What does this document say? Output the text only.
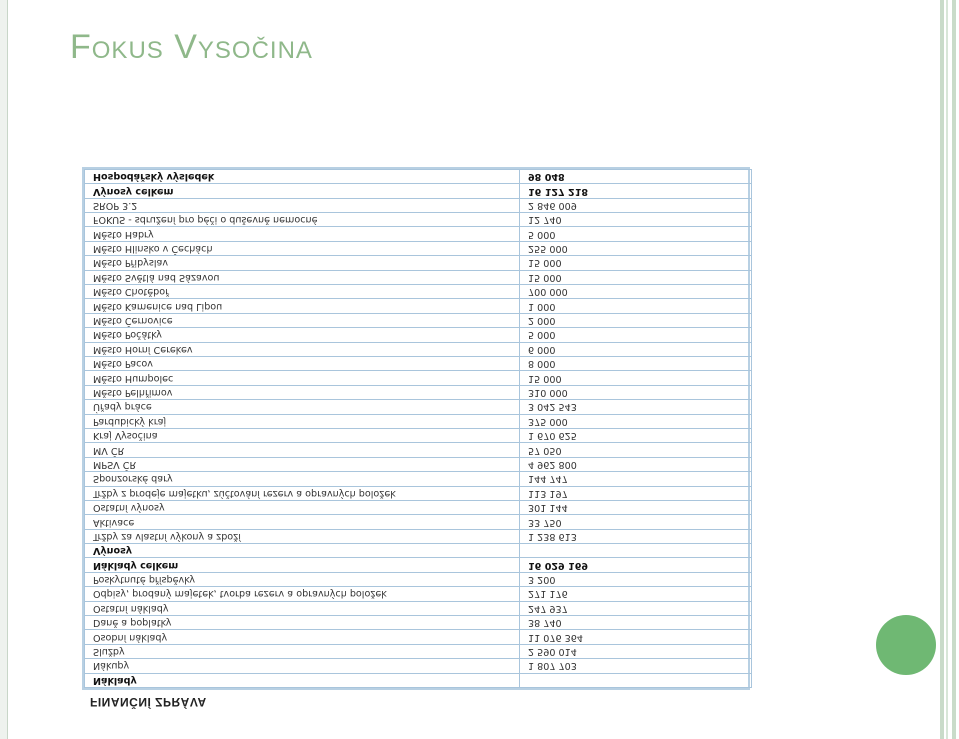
Fokus Vysočina
FINANČNÍ ZPRÁVA
Náklady	
Nákupy	1 807 703
Služby	2 590 014
Osobní náklady	11 076 364
Daně a poplatky	38 740
Ostatní náklady	247 937
Odpisy, prodaný majetek, tvorba rezerv a opravných položek	271 176
Poskytnuté příspěvky	3 200
Náklady celkem	16 029 169
Výnosy	
Tržby za vlastní výkony a zboží	1 238 613
Aktivace	33 750
Ostatní výnosy	301 144
Tržby z prodeje majetku, zúčtování rezerv a opravných položek	113 197
Sponzorské dary	144 747
MPSV ČR	4 962 800
MV ČR	57 050
Kraj Vysočina	1 670 625
Pardubický kraj	375 000
Úřady práce	3 042 543
Město Pelhřimov	310 000
Město Humpolec	15 000
Město Pacov	8 000
Město Horní Cerekev	6 000
Město Počátky	5 000
Město Černovice	2 000
Město Kamenice nad Lipou	1 000
Město Chotěboř	700 000
Město Světlá nad Sázavou	15 000
Město Přibyslav	15 000
Město Hlinsko v Čechách	255 000
Město Habry	5 000
FOKUS - sdružení pro péči o duševně nemocné	12 740
SROP 3.2	2 846 009
Výnosy celkem	16 127 218
Hospodářský výsledek	98 048
